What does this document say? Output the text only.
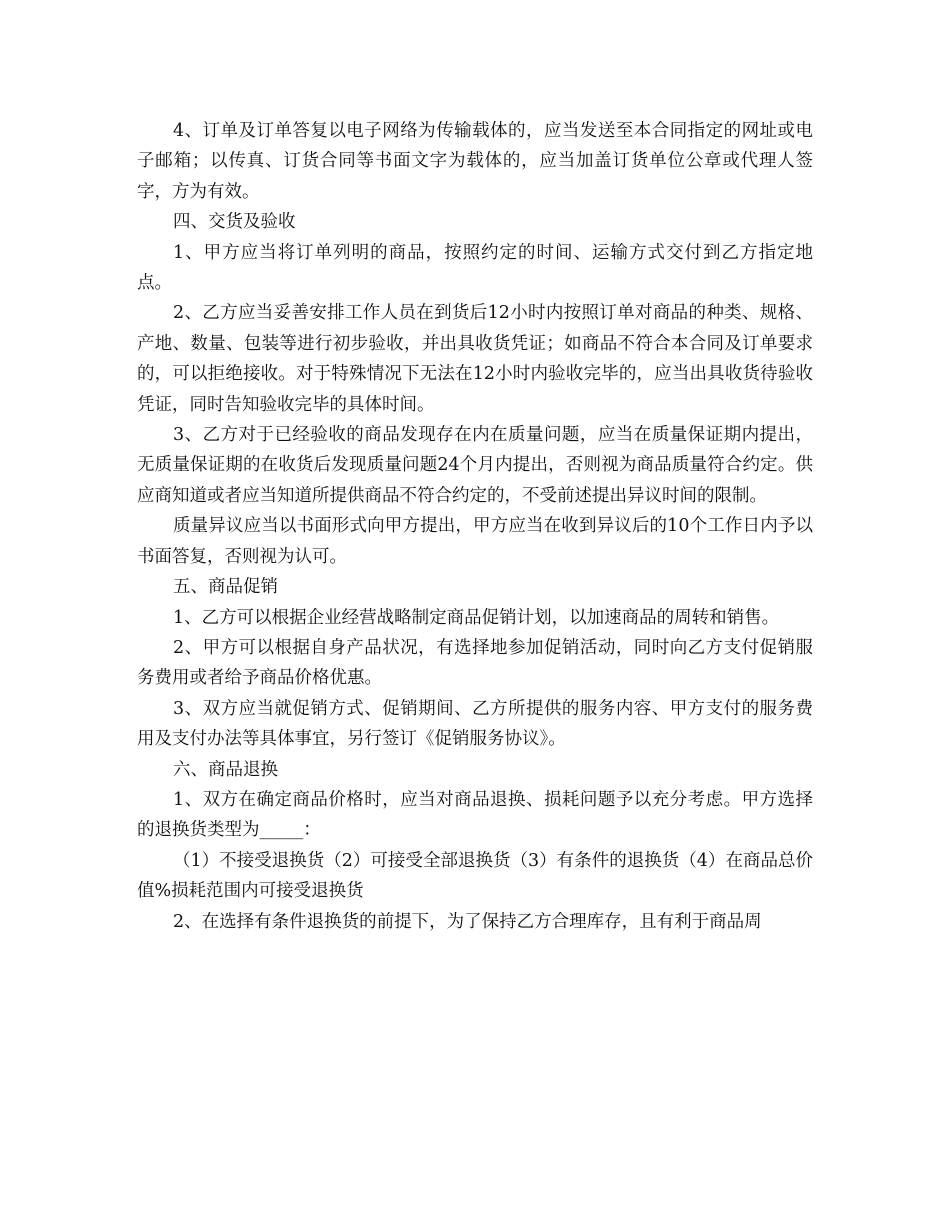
4、订单及订单答复以电子网络为传输载体的，应当发送至本合同指定的网址或电子邮箱；以传真、订货合同等书面文字为载体的，应当加盖订货单位公章或代理人签字，方为有效。

四、交货及验收

1、甲方应当将订单列明的商品，按照约定的时间、运输方式交付到乙方指定地点。

2、乙方应当妥善安排工作人员在到货后12小时内按照订单对商品的种类、规格、产地、数量、包装等进行初步验收，并出具收货凭证；如商品不符合本合同及订单要求的，可以拒绝接收。对于特殊情况下无法在12小时内验收完毕的，应当出具收货待验收凭证，同时告知验收完毕的具体时间。

3、乙方对于已经验收的商品发现存在内在质量问题，应当在质量保证期内提出，无质量保证期的在收货后发现质量问题24个月内提出，否则视为商品质量符合约定。供应商知道或者应当知道所提供商品不符合约定的，不受前述提出异议时间的限制。

质量异议应当以书面形式向甲方提出，甲方应当在收到异议后的10个工作日内予以书面答复，否则视为认可。

五、商品促销

1、乙方可以根据企业经营战略制定商品促销计划，以加速商品的周转和销售。

2、甲方可以根据自身产品状况，有选择地参加促销活动，同时向乙方支付促销服务费用或者给予商品价格优惠。

3、双方应当就促销方式、促销期间、乙方所提供的服务内容、甲方支付的服务费用及支付办法等具体事宜，另行签订《促销服务协议》。

六、商品退换

1、双方在确定商品价格时，应当对商品退换、损耗问题予以充分考虑。甲方选择的退换货类型为_____：

（1）不接受退换货（2）可接受全部退换货（3）有条件的退换货（4）在商品总价值%损耗范围内可接受退换货

2、在选择有条件退换货的前提下，为了保持乙方合理库存，且有利于商品周
